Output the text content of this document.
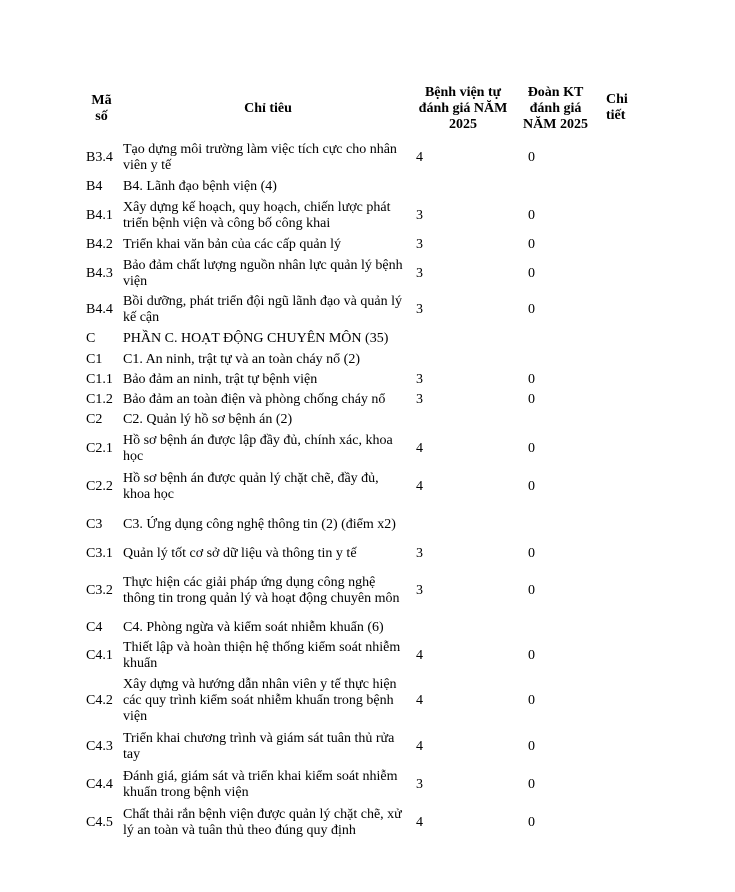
Mã số	Chỉ tiêu	Bệnh viện tự đánh giá NĂM 2025	Đoàn KT đánh giá NĂM 2025	Chi tiết
B3.4	Tạo dựng môi trường làm việc tích cực cho nhân viên y tế	4	0	
B4	B4. Lãnh đạo bệnh viện (4)			
B4.1	Xây dựng kế hoạch, quy hoạch, chiến lược phát triển bệnh viện và công bố công khai	3	0	
B4.2	Triển khai văn bản của các cấp quản lý	3	0	
B4.3	Bảo đảm chất lượng nguồn nhân lực quản lý bệnh viện	3	0	
B4.4	Bồi dưỡng, phát triển đội ngũ lãnh đạo và quản lý kế cận	3	0	
C	PHẦN C. HOẠT ĐỘNG CHUYÊN MÔN (35)			
C1	C1. An ninh, trật tự và an toàn cháy nổ (2)			
C1.1	Bảo đảm an ninh, trật tự bệnh viện	3	0	
C1.2	Bảo đảm an toàn điện và phòng chống cháy nổ	3	0	
C2	C2. Quản lý hồ sơ bệnh án (2)			
C2.1	Hồ sơ bệnh án được lập đầy đủ, chính xác, khoa học	4	0	
C2.2	Hồ sơ bệnh án được quản lý chặt chẽ, đầy đủ, khoa học	4	0	
C3	C3. Ứng dụng công nghệ thông tin (2) (điểm x2)			
C3.1	Quản lý tốt cơ sở dữ liệu và thông tin y tế	3	0	
C3.2	Thực hiện các giải pháp ứng dụng công nghệ thông tin trong quản lý và hoạt động chuyên môn	3	0	
C4	C4. Phòng ngừa và kiểm soát nhiễm khuẩn (6)			
C4.1	Thiết lập và hoàn thiện hệ thống kiểm soát nhiễm khuẩn	4	0	
C4.2	Xây dựng và hướng dẫn nhân viên y tế thực hiện các quy trình kiểm soát nhiễm khuẩn trong bệnh viện	4	0	
C4.3	Triển khai chương trình và giám sát tuân thủ rửa tay	4	0	
C4.4	Đánh giá, giám sát và triển khai kiểm soát nhiễm khuẩn trong bệnh viện	3	0	
C4.5	Chất thải rắn bệnh viện được quản lý chặt chẽ, xử lý an toàn và tuân thủ theo đúng quy định	4	0	
